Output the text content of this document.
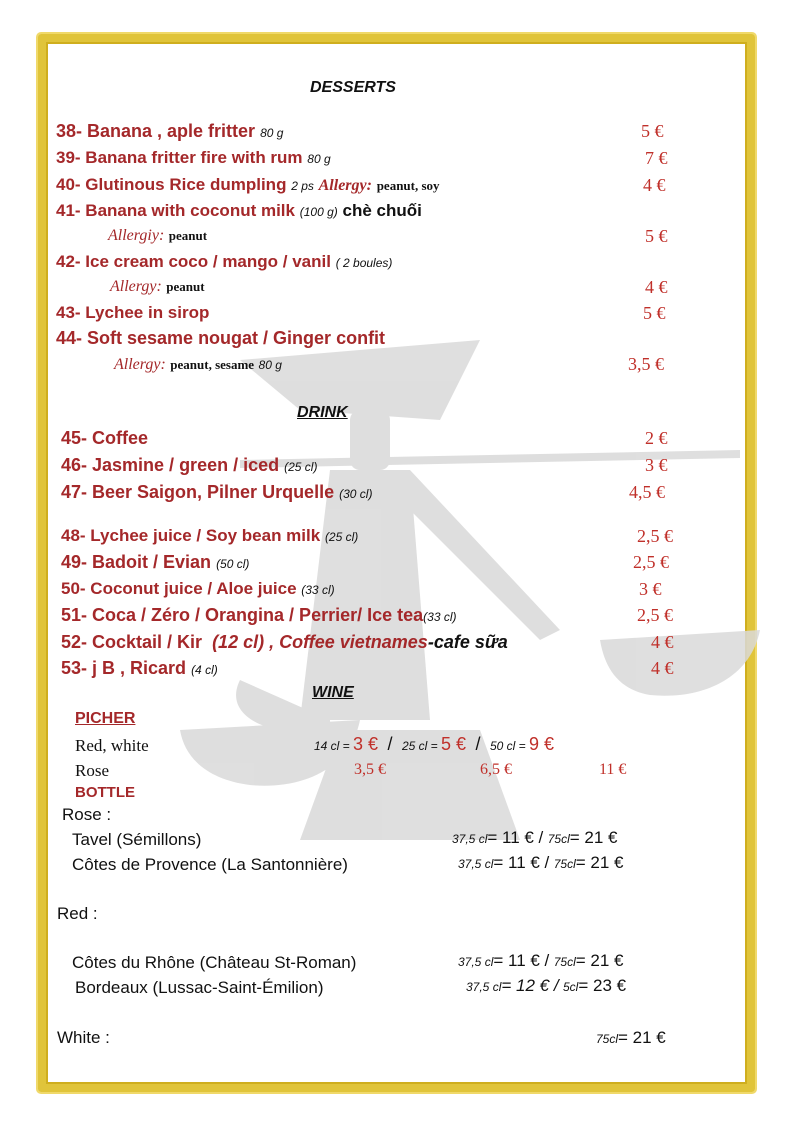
DESSERTS
38- Banana , aple fritter 80 g	5 €
39- Banana fritter fire with rum 80 g	7 €
40- Glutinous Rice dumpling 2 ps Allergy: peanut, soy	4 €
41- Banana with coconut milk (100 g) chè chuối
Allergiy: peanut	5 €
42- Ice cream coco / mango / vanil ( 2 boules)
Allergy: peanut	4 €
43- Lychee in sirop	5 €
44- Soft sesame nougat / Ginger confit
Allergy: peanut, sesame 80 g	3,5 €
DRINK
45- Coffee	2 €
46- Jasmine / green / iced (25 cl)	3 €
47- Beer Saigon, Pilner Urquelle (30 cl)	4,5 €
48- Lychee juice / Soy bean milk (25 cl)	2,5 €
49- Badoit / Evian (50 cl)	2,5 €
50- Coconut juice / Aloe juice (33 cl)	3 €
51- Coca / Zéro / Orangina / Perrier/ Ice tea(33 cl)	2,5 €
52- Cocktail / Kir (12 cl) , Coffee vietnames-cafe sữa	4 €
53- j B , Ricard (4 cl)	4 €
WINE
PICHER
Red, white	14 cl = 3 €  /  25 cl = 5 €  /  50 cl = 9 €
Rose	3,5 €	6,5 €	11 €
BOTTLE
Rose :
Tavel (Sémillons)	37,5 cl= 11 € / 75cl= 21 €
Côtes de Provence (La Santonnière)	37,5 cl= 11 € / 75cl= 21 €
Red :
Côtes du Rhône (Château St-Roman)	37,5 cl= 11 € / 75cl= 21 €
Bordeaux (Lussac-Saint-Émilion)	37,5 cl= 12 € / 5cl= 23 €
White :	75cl= 21 €
